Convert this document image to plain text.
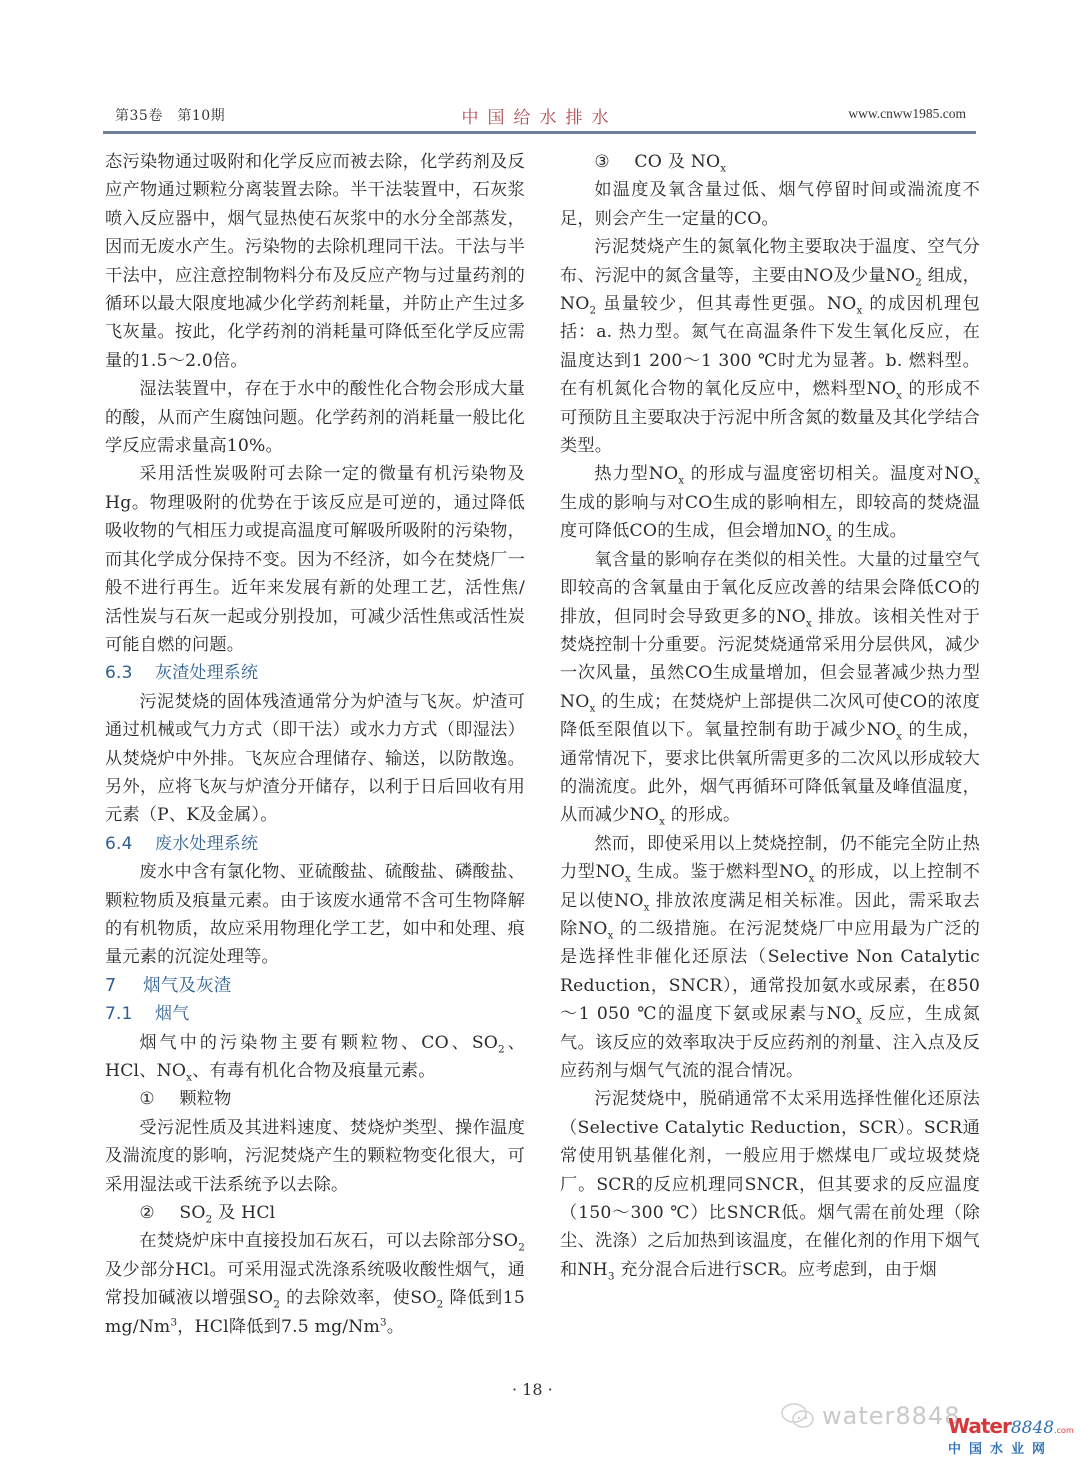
第35卷　第10期	中国给水排水	www.cnww1985.com

态污染物通过吸附和化学反应而被去除，化学药剂及反应产物通过颗粒分离装置去除。半干法装置中，石灰浆喷入反应器中，烟气显热使石灰浆中的水分全部蒸发，因而无废水产生。污染物的去除机理同干法。干法与半干法中，应注意控制物料分布及反应产物与过量药剂的循环以最大限度地减少化学药剂耗量，并防止产生过多飞灰量。按此，化学药剂的消耗量可降低至化学反应需量的1.5～2.0倍。

湿法装置中，存在于水中的酸性化合物会形成大量的酸，从而产生腐蚀问题。化学药剂的消耗量一般比化学反应需求量高10%。

采用活性炭吸附可去除一定的微量有机污染物及Hg。物理吸附的优势在于该反应是可逆的，通过降低吸收物的气相压力或提高温度可解吸所吸附的污染物，而其化学成分保持不变。因为不经济，如今在焚烧厂一般不进行再生。近年来发展有新的处理工艺，活性焦/活性炭与石灰一起或分别投加，可减少活性焦或活性炭可能自燃的问题。

6.3 灰渣处理系统

污泥焚烧的固体残渣通常分为炉渣与飞灰。炉渣可通过机械或气力方式（即干法）或水力方式（即湿法）从焚烧炉中外排。飞灰应合理储存、输送，以防散逸。另外，应将飞灰与炉渣分开储存，以利于日后回收有用元素（P、K及金属）。

6.4 废水处理系统

废水中含有氯化物、亚硫酸盐、硫酸盐、磷酸盐、颗粒物质及痕量元素。由于该废水通常不含可生物降解的有机物质，故应采用物理化学工艺，如中和处理、痕量元素的沉淀处理等。

7 烟气及灰渣

7.1 烟气

烟气中的污染物主要有颗粒物、CO、$SO_2$、HCl、$NO_x$、有毒有机化合物及痕量元素。

① 颗粒物

受污泥性质及其进料速度、焚烧炉类型、操作温度及湍流度的影响，污泥焚烧产生的颗粒物变化很大，可采用湿法或干法系统予以去除。

② $SO_2$ 及 HCl

在焚烧炉床中直接投加石灰石，可以去除部分$SO_2$ 及少部分HCl。可采用湿式洗涤系统吸收酸性烟气，通常投加碱液以增强$SO_2$ 的去除效率，使$SO_2$ 降低到15 mg/Nm$^3$，HCl降低到7.5 mg/Nm$^3$。

③ CO 及 $NO_x$

如温度及氧含量过低、烟气停留时间或湍流度不足，则会产生一定量的CO。

污泥焚烧产生的氮氧化物主要取决于温度、空气分布、污泥中的氮含量等，主要由NO及少量$NO_2$ 组成，$NO_2$ 虽量较少，但其毒性更强。$NO_x$ 的成因机理包括：a. 热力型。氮气在高温条件下发生氧化反应，在温度达到1 200～1 300 ℃时尤为显著。b. 燃料型。在有机氮化合物的氧化反应中，燃料型$NO_x$ 的形成不可预防且主要取决于污泥中所含氮的数量及其化学结合类型。

热力型$NO_x$ 的形成与温度密切相关。温度对$NO_x$ 生成的影响与对CO生成的影响相左，即较高的焚烧温度可降低CO的生成，但会增加$NO_x$ 的生成。

氧含量的影响存在类似的相关性。大量的过量空气即较高的含氧量由于氧化反应改善的结果会降低CO的排放，但同时会导致更多的$NO_x$ 排放。该相关性对于焚烧控制十分重要。污泥焚烧通常采用分层供风，减少一次风量，虽然CO生成量增加，但会显著减少热力型$NO_x$ 的生成；在焚烧炉上部提供二次风可使CO的浓度降低至限值以下。氧量控制有助于减少$NO_x$ 的生成，通常情况下，要求比供氧所需更多的二次风以形成较大的湍流度。此外，烟气再循环可降低氧量及峰值温度，从而减少$NO_x$ 的形成。

然而，即使采用以上焚烧控制，仍不能完全防止热力型$NO_x$ 生成。鉴于燃料型$NO_x$ 的形成，以上控制不足以使$NO_x$ 排放浓度满足相关标准。因此，需采取去除$NO_x$ 的二级措施。在污泥焚烧厂中应用最为广泛的是选择性非催化还原法（Selective Non Catalytic Reduction，SNCR），通常投加氨水或尿素，在850～1 050 ℃的温度下氨或尿素与$NO_x$ 反应，生成氮气。该反应的效率取决于反应药剂的剂量、注入点及反应药剂与烟气气流的混合情况。

污泥焚烧中，脱硝通常不太采用选择性催化还原法（Selective Catalytic Reduction，SCR）。SCR通常使用钒基催化剂，一般应用于燃煤电厂或垃圾焚烧厂。SCR的反应机理同SNCR，但其要求的反应温度（150～300 ℃）比SNCR低。烟气需在前处理（除尘、洗涤）之后加热到该温度，在催化剂的作用下烟气和$NH_3$ 充分混合后进行SCR。应考虑到，由于烟

· 18 ·
water8848
Water8848.com
中国水业网
